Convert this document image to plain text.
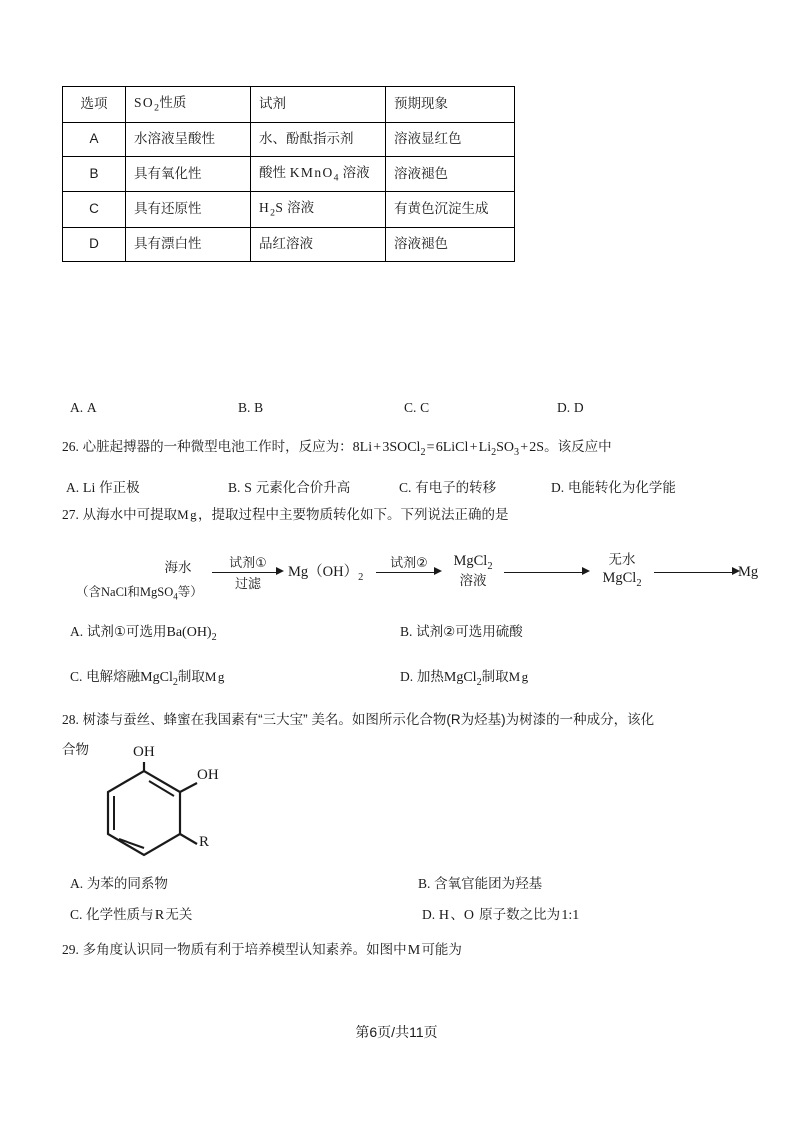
选项	$SO_2$性质	试剂	预期现象
A	水溶液呈酸性	水、酚酞指示剂	溶液显红色
B	具有氧化性	酸性 KMnO$_4$ 溶液	溶液褪色
C	具有还原性	$H_2S$ 溶液	有黄色沉淀生成
D	具有漂白性	品红溶液	溶液褪色
A. A	B. B	C. C	D. D
26. 心脏起搏器的一种微型电池工作时，反应为：8Li + 3SOCl$_2$ = 6LiCl + $Li_2SO_3$ + 2S。该反应中
A. Li 作正极	B. S 元素化合价升高	C. 有电子的转移	D. 电能转化为化学能
27. 从海水中可提取Mg，提取过程中主要物质转化如下。下列说法正确的是
海水
（含NaCl和MgSO$_4$等）
试剂①
过滤
$Mg(OH)_2$
试剂②	MgCl$_2$
溶液
无水
MgCl$_2$
Mg
A. 试剂①可选用$Ba(OH)_2$	B. 试剂②可选用硫酸
C. 电解熔融MgCl$_2$制取Mg	D. 加热MgCl$_2$制取Mg
28. 树漆与蚕丝、蜂蜜在我国素有“三大宝” 美名。如图所示化合物(R为烃基)为树漆的一种成分，该化
合物	OH
OH
R
A. 为苯的同系物	B. 含氧官能团为羟基
C. 化学性质与 R 无关	D. H、O 原子数之比为 1:1
29. 多角度认识同一物质有利于培养模型认知素养。如图中 M 可能为
第6页/共11页
